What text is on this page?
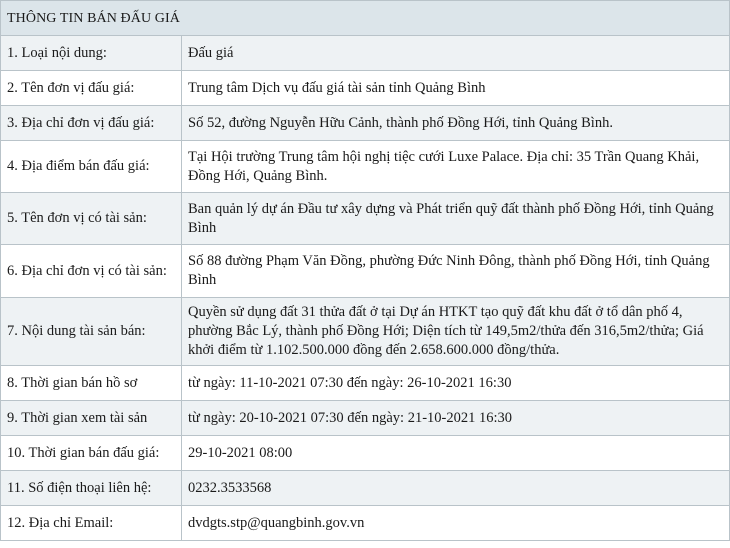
THÔNG TIN BÁN ĐẤU GIÁ	
1. Loại nội dung:	Đấu giá
2. Tên đơn vị đấu giá:	Trung tâm Dịch vụ đấu giá tài sản tỉnh Quảng Bình
3. Địa chỉ đơn vị đấu giá:	Số 52, đường Nguyễn Hữu Cảnh, thành phố Đồng Hới, tỉnh Quảng Bình.
4. Địa điểm bán đấu giá:	Tại Hội trường Trung tâm hội nghị tiệc cưới Luxe Palace. Địa chỉ: 35 Trần Quang Khải, Đồng Hới, Quảng Bình.
5. Tên đơn vị có tài sản:	Ban quản lý dự án Đầu tư xây dựng và Phát triển quỹ đất thành phố Đồng Hới, tỉnh Quảng Bình
6. Địa chỉ đơn vị có tài sản:	Số 88 đường Phạm Văn Đồng, phường Đức Ninh Đông, thành phố Đồng Hới, tỉnh Quảng Bình
7. Nội dung tài sản bán:	Quyền sử dụng đất 31 thửa đất ở tại Dự án HTKT tạo quỹ đất khu đất ở tổ dân phố 4, phường Bắc Lý, thành phố Đồng Hới; Diện tích từ 149,5m2/thửa đến 316,5m2/thửa; Giá khởi điểm từ 1.102.500.000 đồng đến 2.658.600.000 đồng/thửa.
8. Thời gian bán hồ sơ	từ ngày: 11-10-2021 07:30 đến ngày: 26-10-2021 16:30
9. Thời gian xem tài sản	từ ngày: 20-10-2021 07:30 đến ngày: 21-10-2021 16:30
10. Thời gian bán đấu giá:	29-10-2021 08:00
11. Số điện thoại liên hệ:	0232.3533568
12. Địa chỉ Email:	dvdgts.stp@quangbinh.gov.vn
